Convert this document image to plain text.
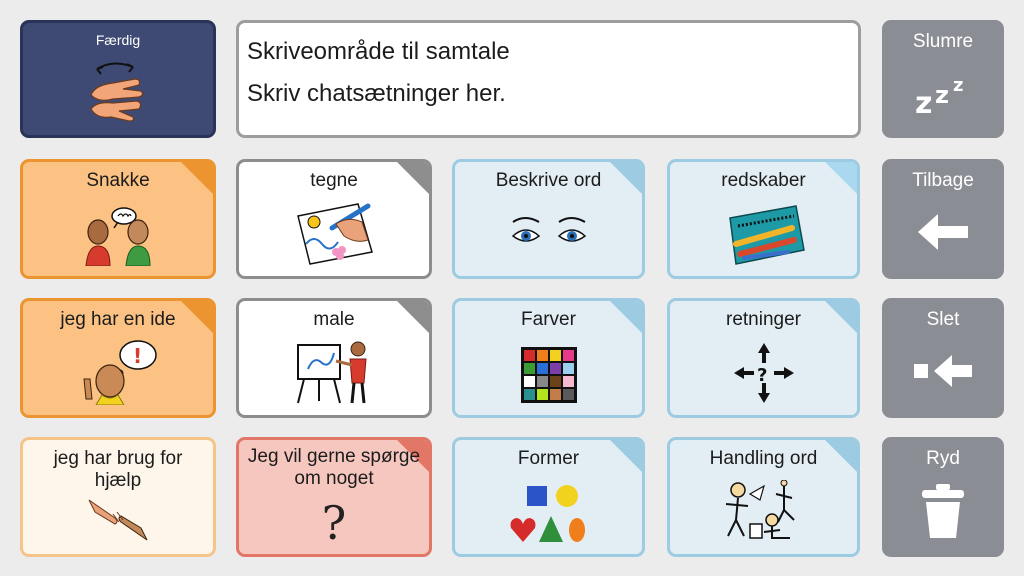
Færdig	Skriveområde til samtale
Skriv chatsætninger her.
Slumre
z z z
Snakke	tegne	Beskrive ord	redskaber	Tilbage
jeg har en ide
!
male	Farver	retninger
?
Slet
jeg har brug for hjælp
Jeg vil gerne spørge om noget
?
Former	Handling ord	Ryd
